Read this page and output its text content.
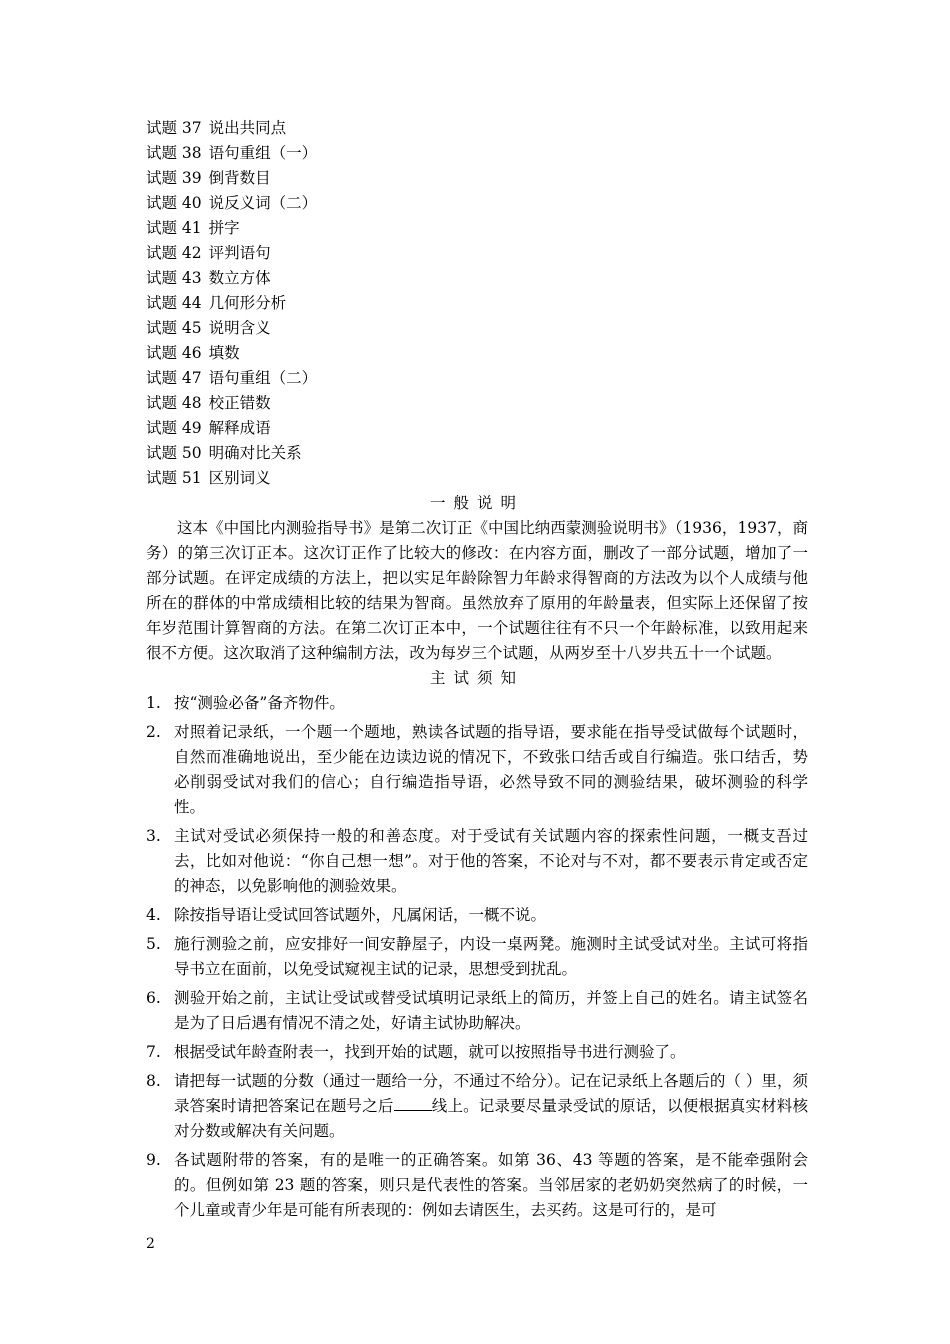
试题 37 说出共同点
试题 38 语句重组（一）
试题 39 倒背数目
试题 40 说反义词（二）
试题 41 拼字
试题 42 评判语句
试题 43 数立方体
试题 44 几何形分析
试题 45 说明含义
试题 46 填数
试题 47 语句重组（二）
试题 48 校正错数
试题 49 解释成语
试题 50 明确对比关系
试题 51 区别词义
一般说明
这本《中国比内测验指导书》是第二次订正《中国比纳西蒙测验说明书》（1936，1937，商务）的第三次订正本。这次订正作了比较大的修改：在内容方面，删改了一部分试题，增加了一部分试题。在评定成绩的方法上，把以实足年龄除智力年龄求得智商的方法改为以个人成绩与他所在的群体的中常成绩相比较的结果为智商。虽然放弃了原用的年龄量表，但实际上还保留了按年岁范围计算智商的方法。在第二次订正本中，一个试题往往有不只一个年龄标准，以致用起来很不方便。这次取消了这种编制方法，改为每岁三个试题，从两岁至十八岁共五十一个试题。
主试须知
1. 按“测验必备”备齐物件。
2. 对照着记录纸，一个题一个题地，熟读各试题的指导语，要求能在指导受试做每个试题时，自然而准确地说出，至少能在边读边说的情况下，不致张口结舌或自行编造。张口结舌，势必削弱受试对我们的信心；自行编造指导语，必然导致不同的测验结果，破坏测验的科学性。
3. 主试对受试必须保持一般的和善态度。对于受试有关试题内容的探索性问题，一概支吾过去，比如对他说：“你自己想一想”。对于他的答案，不论对与不对，都不要表示肯定或否定的神态，以免影响他的测验效果。
4. 除按指导语让受试回答试题外，凡属闲话，一概不说。
5. 施行测验之前，应安排好一间安静屋子，内设一桌两凳。施测时主试受试对坐。主试可将指导书立在面前，以免受试窥视主试的记录，思想受到扰乱。
6. 测验开始之前，主试让受试或替受试填明记录纸上的简历，并签上自己的姓名。请主试签名是为了日后遇有情况不清之处，好请主试协助解决。
7. 根据受试年龄查附表一，找到开始的试题，就可以按照指导书进行测验了。
8. 请把每一试题的分数（通过一题给一分，不通过不给分）。记在记录纸上各题后的（ ）里，须录答案时请把答案记在题号之后 线上。记录要尽量录受试的原话，以便根据真实材料核对分数或解决有关问题。
9. 各试题附带的答案，有的是唯一的正确答案。如第 36、43 等题的答案，是不能牵强附会的。但例如第 23 题的答案，则只是代表性的答案。当邻居家的老奶奶突然病了的时候，一个儿童或青少年是可能有所表现的：例如去请医生，去买药。这是可行的，是可
2
